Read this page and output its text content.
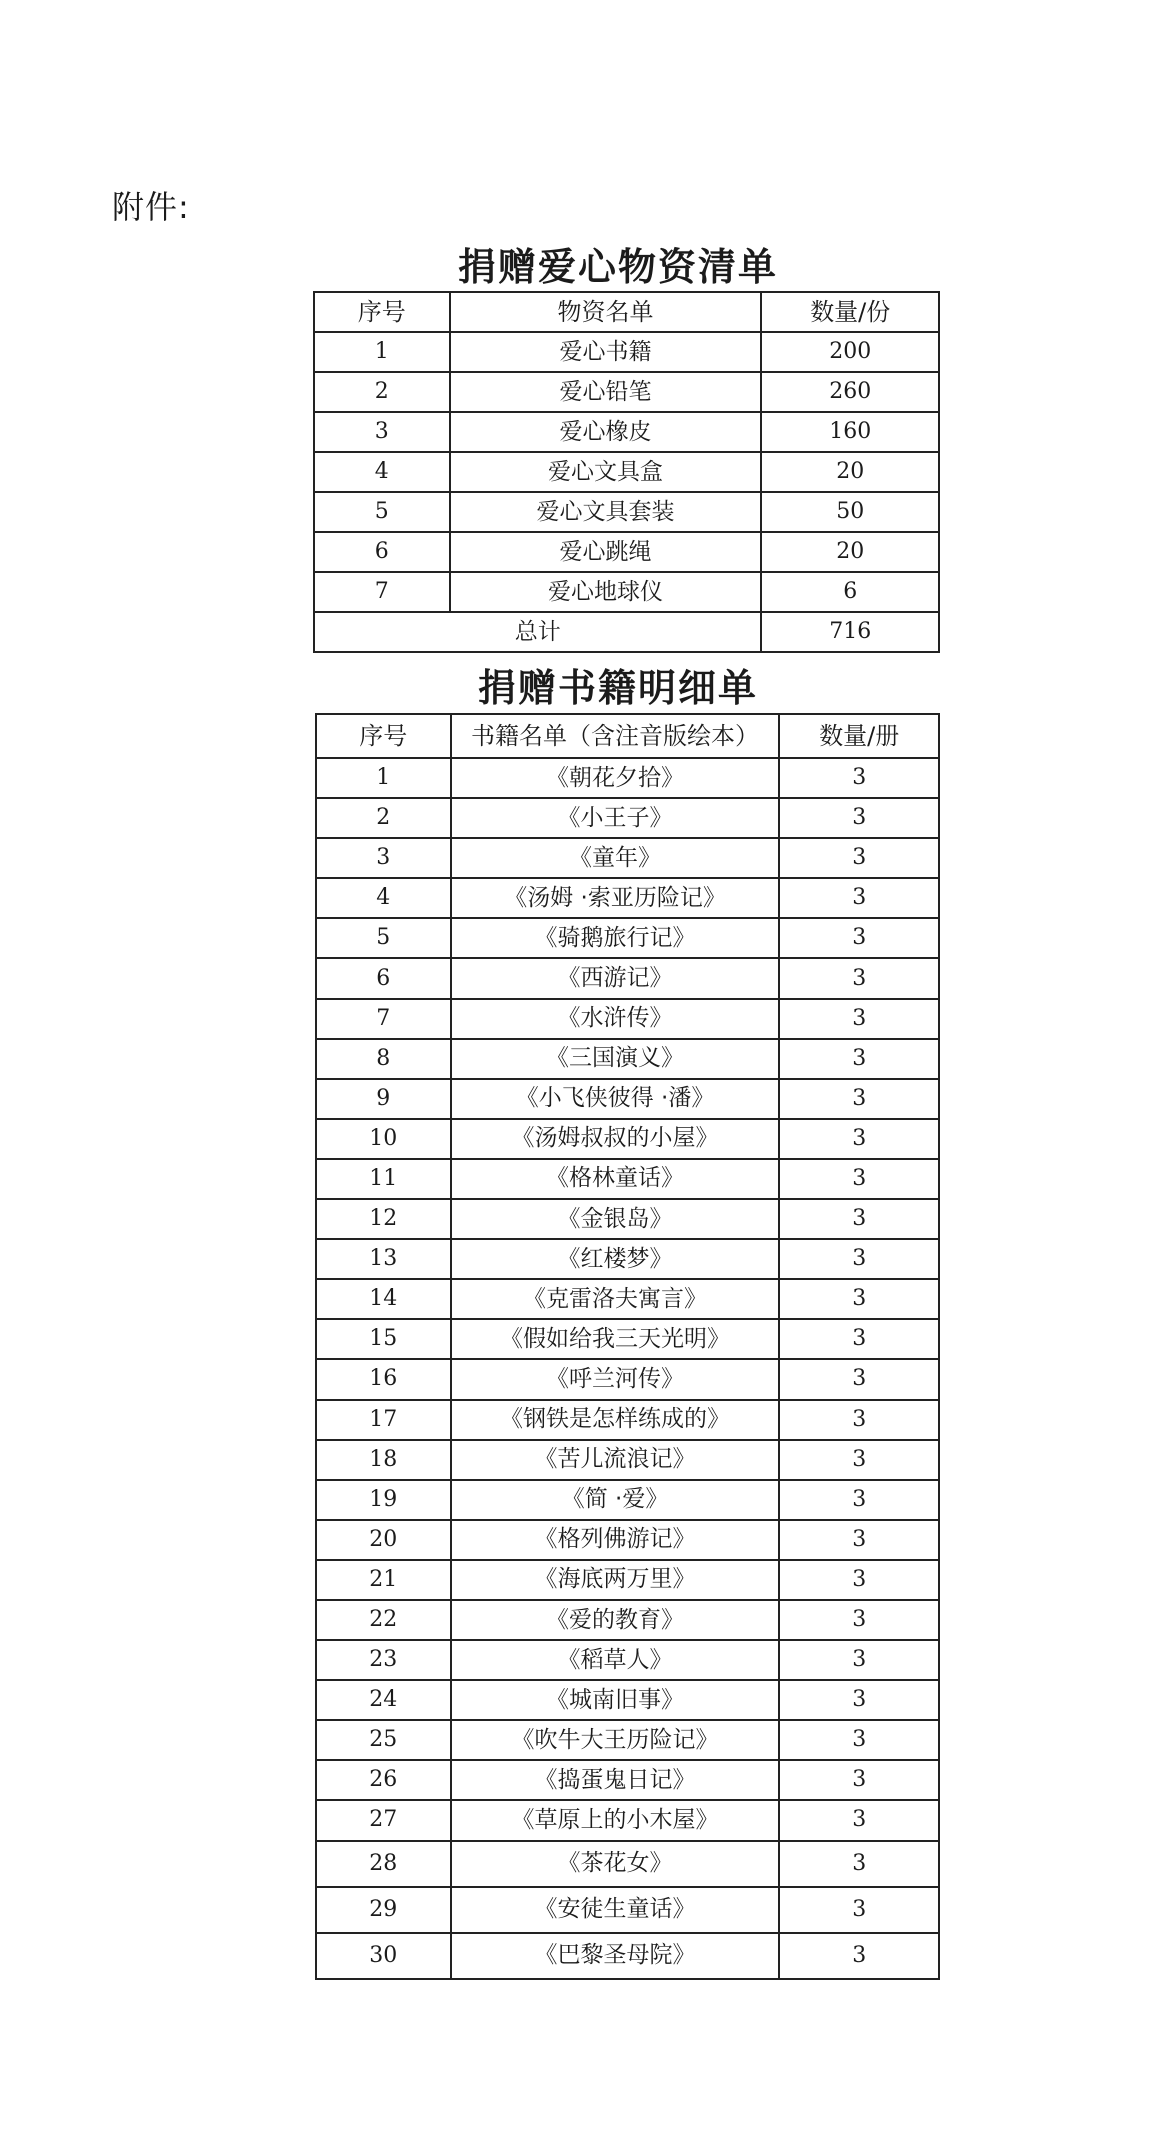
附件:
捐赠爱心物资清单
序号	物资名单	数量/份
1	爱心书籍	200
2	爱心铅笔	260
3	爱心橡皮	160
4	爱心文具盒	20
5	爱心文具套装	50
6	爱心跳绳	20
7	爱心地球仪	6
总计		716
捐赠书籍明细单
序号	书籍名单（含注音版绘本）	数量/册
1	《朝花夕拾》	3
2	《小王子》	3
3	《童年》	3
4	《汤姆 ·索亚历险记》	3
5	《骑鹅旅行记》	3
6	《西游记》	3
7	《水浒传》	3
8	《三国演义》	3
9	《小飞侠彼得 ·潘》	3
10	《汤姆叔叔的小屋》	3
11	《格林童话》	3
12	《金银岛》	3
13	《红楼梦》	3
14	《克雷洛夫寓言》	3
15	《假如给我三天光明》	3
16	《呼兰河传》	3
17	《钢铁是怎样练成的》	3
18	《苦儿流浪记》	3
19	《简 ·爱》	3
20	《格列佛游记》	3
21	《海底两万里》	3
22	《爱的教育》	3
23	《稻草人》	3
24	《城南旧事》	3
25	《吹牛大王历险记》	3
26	《捣蛋鬼日记》	3
27	《草原上的小木屋》	3
28	《茶花女》	3
29	《安徒生童话》	3
30	《巴黎圣母院》	3
